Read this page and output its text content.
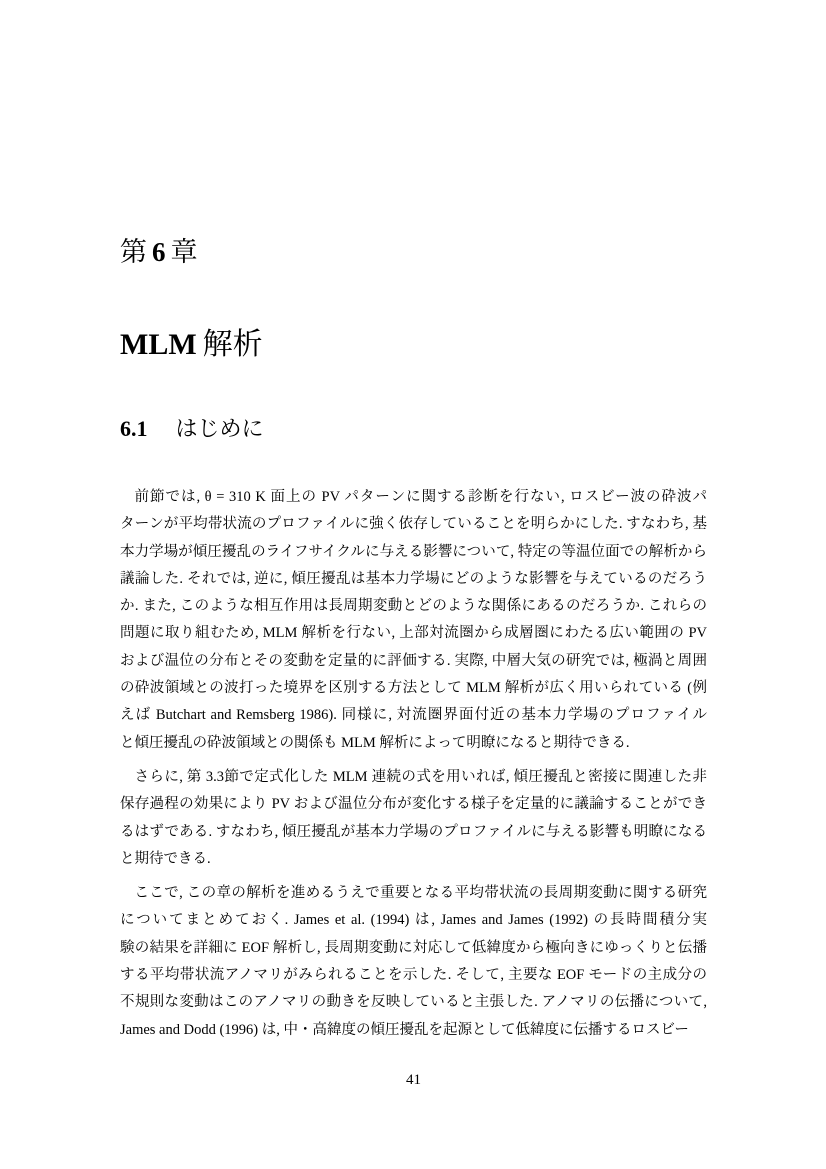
第 6 章
MLM 解析
6.1 はじめに
前節では, θ = 310 K 面上の PV パターンに関する診断を行ない, ロスビー波の砕波パ
ターンが平均帯状流のプロファイルに強く依存していることを明らかにした. すなわち, 基
本力学場が傾圧擾乱のライフサイクルに与える影響について, 特定の等温位面での解析から
議論した. それでは, 逆に, 傾圧擾乱は基本力学場にどのような影響を与えているのだろう
か. また, このような相互作用は長周期変動とどのような関係にあるのだろうか. これらの
問題に取り組むため, MLM 解析を行ない, 上部対流圏から成層圏にわたる広い範囲の PV
および温位の分布とその変動を定量的に評価する. 実際, 中層大気の研究では, 極渦と周囲
の砕波領域との波打った境界を区別する方法として MLM 解析が広く用いられている (例
えば Butchart and Remsberg 1986). 同様に, 対流圏界面付近の基本力学場のプロファイル
と傾圧擾乱の砕波領域との関係も MLM 解析によって明瞭になると期待できる.
さらに, 第 3.3節で定式化した MLM 連続の式を用いれば, 傾圧擾乱と密接に関連した非
保存過程の効果により PV および温位分布が変化する様子を定量的に議論することができ
るはずである. すなわち, 傾圧擾乱が基本力学場のプロファイルに与える影響も明瞭になる
と期待できる.
ここで, この章の解析を進めるうえで重要となる平均帯状流の長周期変動に関する研究
についてまとめておく. James et al. (1994) は, James and James (1992) の長時間積分実
験の結果を詳細に EOF 解析し, 長周期変動に対応して低緯度から極向きにゆっくりと伝播
する平均帯状流アノマリがみられることを示した. そして, 主要な EOF モードの主成分の
不規則な変動はこのアノマリの動きを反映していると主張した. アノマリの伝播について,
James and Dodd (1996) は, 中・高緯度の傾圧擾乱を起源として低緯度に伝播するロスビー
41
